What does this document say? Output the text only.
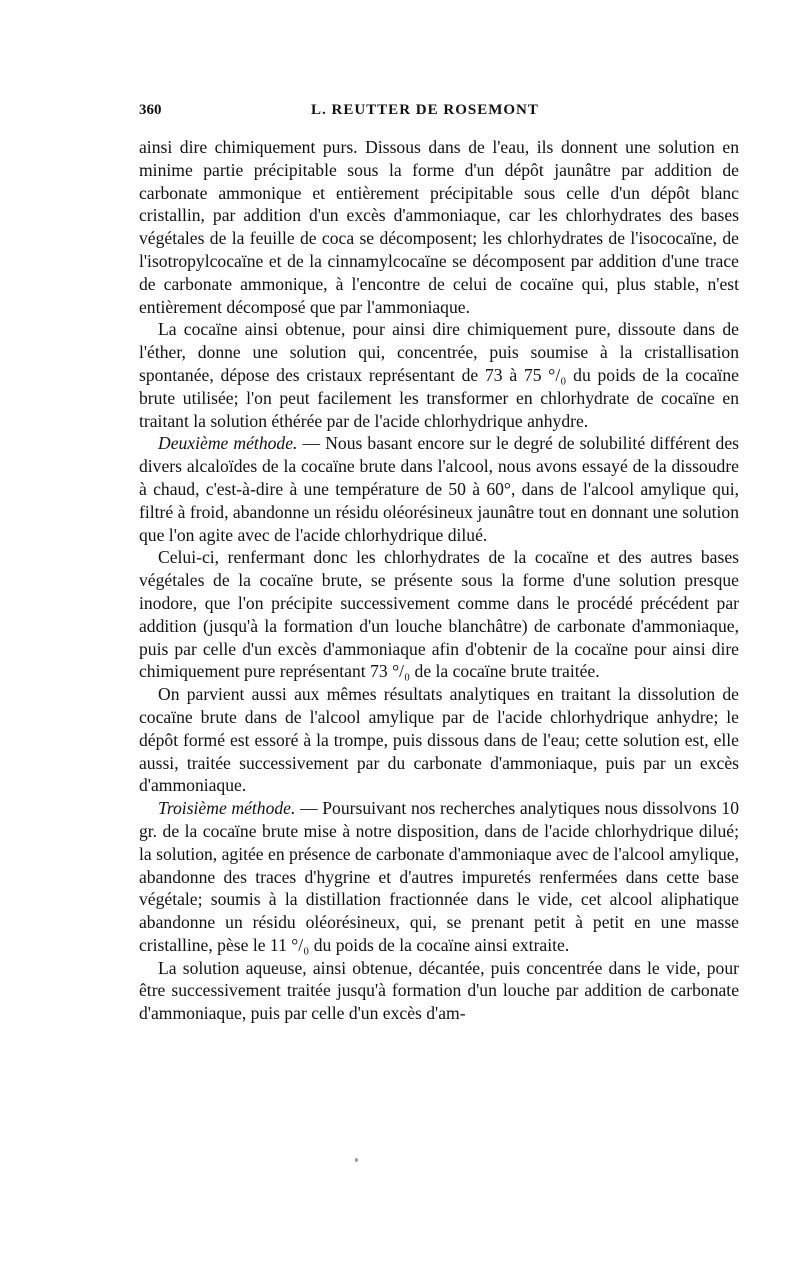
360	L. REUTTER DE ROSEMONT

ainsi dire chimiquement purs. Dissous dans de l'eau, ils donnent une solution en minime partie précipitable sous la forme d'un dépôt jaunâtre par addition de carbonate ammonique et entièrement précipitable sous celle d'un dépôt blanc cristallin, par addition d'un excès d'ammoniaque, car les chlorhydrates des bases végétales de la feuille de coca se décomposent; les chlorhydrates de l'isococaïne, de l'isotropylcocaïne et de la cinnamylcocaïne se décomposent par addition d'une trace de carbonate ammonique, à l'encontre de celui de cocaïne qui, plus stable, n'est entièrement décomposé que par l'ammoniaque.

La cocaïne ainsi obtenue, pour ainsi dire chimiquement pure, dissoute dans de l'éther, donne une solution qui, concentrée, puis soumise à la cristallisation spontanée, dépose des cristaux représentant de 73 à 75 °/₀ du poids de la cocaïne brute utilisée; l'on peut facilement les transformer en chlorhydrate de cocaïne en traitant la solution éthérée par de l'acide chlorhydrique anhydre.

Deuxième méthode. — Nous basant encore sur le degré de solubilité différent des divers alcaloïdes de la cocaïne brute dans l'alcool, nous avons essayé de la dissoudre à chaud, c'est-à-dire à une température de 50 à 60°, dans de l'alcool amylique qui, filtré à froid, abandonne un résidu oléorésineux jaunâtre tout en donnant une solution que l'on agite avec de l'acide chlorhydrique dilué.

Celui-ci, renfermant donc les chlorhydrates de la cocaïne et des autres bases végétales de la cocaïne brute, se présente sous la forme d'une solution presque inodore, que l'on précipite successivement comme dans le procédé précédent par addition (jusqu'à la formation d'un louche blanchâtre) de carbonate d'ammoniaque, puis par celle d'un excès d'ammoniaque afin d'obtenir de la cocaïne pour ainsi dire chimiquement pure représentant 73 °/₀ de la cocaïne brute traitée.

On parvient aussi aux mêmes résultats analytiques en traitant la dissolution de cocaïne brute dans de l'alcool amylique par de l'acide chlorhydrique anhydre; le dépôt formé est essoré à la trompe, puis dissous dans de l'eau; cette solution est, elle aussi, traitée successivement par du carbonate d'ammoniaque, puis par un excès d'ammoniaque.

Troisième méthode. — Poursuivant nos recherches analytiques nous dissolvons 10 gr. de la cocaïne brute mise à notre disposition, dans de l'acide chlorhydrique dilué; la solution, agitée en présence de carbonate d'ammoniaque avec de l'alcool amylique, abandonne des traces d'hygrine et d'autres impuretés renfermées dans cette base végétale; soumis à la distillation fractionnée dans le vide, cet alcool aliphatique abandonne un résidu oléorésineux, qui, se prenant petit à petit en une masse cristalline, pèse le 11 °/₀ du poids de la cocaïne ainsi extraite.

La solution aqueuse, ainsi obtenue, décantée, puis concentrée dans le vide, pour être successivement traitée jusqu'à formation d'un louche par addition de carbonate d'ammoniaque, puis par celle d'un excès d'am-
